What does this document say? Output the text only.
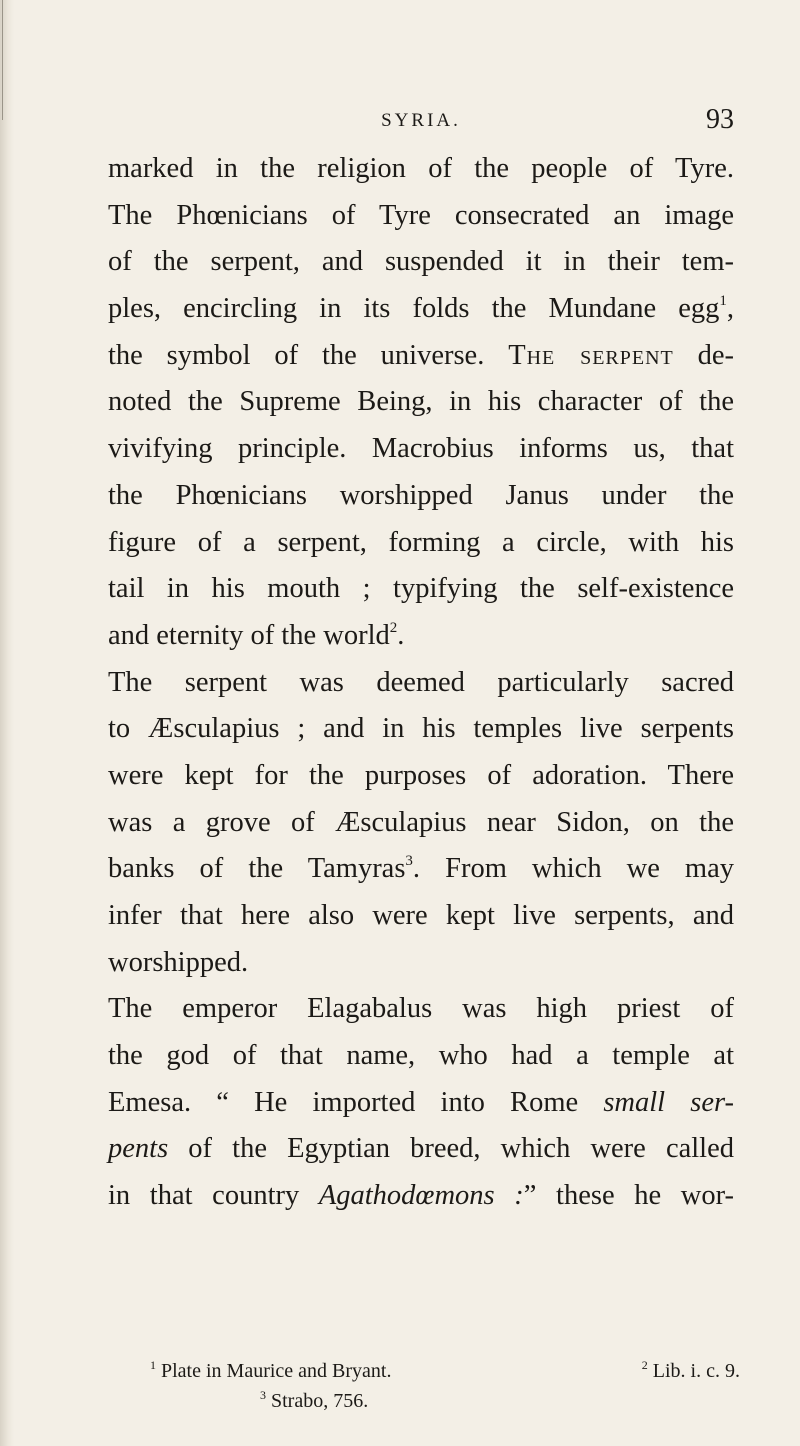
SYRIA.	93
marked in the religion of the people of Tyre.
The Phœnicians of Tyre consecrated an image
of the serpent, and suspended it in their tem-
ples, encircling in its folds the Mundane egg$^1$,
the symbol of the universe. The serpent de-
noted the Supreme Being, in his character of the
vivifying principle. Macrobius informs us, that
the Phœnicians worshipped Janus under the
figure of a serpent, forming a circle, with his
tail in his mouth ; typifying the self-existence
and eternity of the world$^2$.
The serpent was deemed particularly sacred
to Æsculapius ; and in his temples live serpents
were kept for the purposes of adoration. There
was a grove of Æsculapius near Sidon, on the
banks of the Tamyras$^3$. From which we may
infer that here also were kept live serpents, and
worshipped.
The emperor Elagabalus was high priest of
the god of that name, who had a temple at
Emesa. “ He imported into Rome small ser-
pents of the Egyptian breed, which were called
in that country Agathodœmons :” these he wor-
$^1$ Plate in Maurice and Bryant.	$^2$ Lib. i. c. 9.
$^3$ Strabo, 756.
